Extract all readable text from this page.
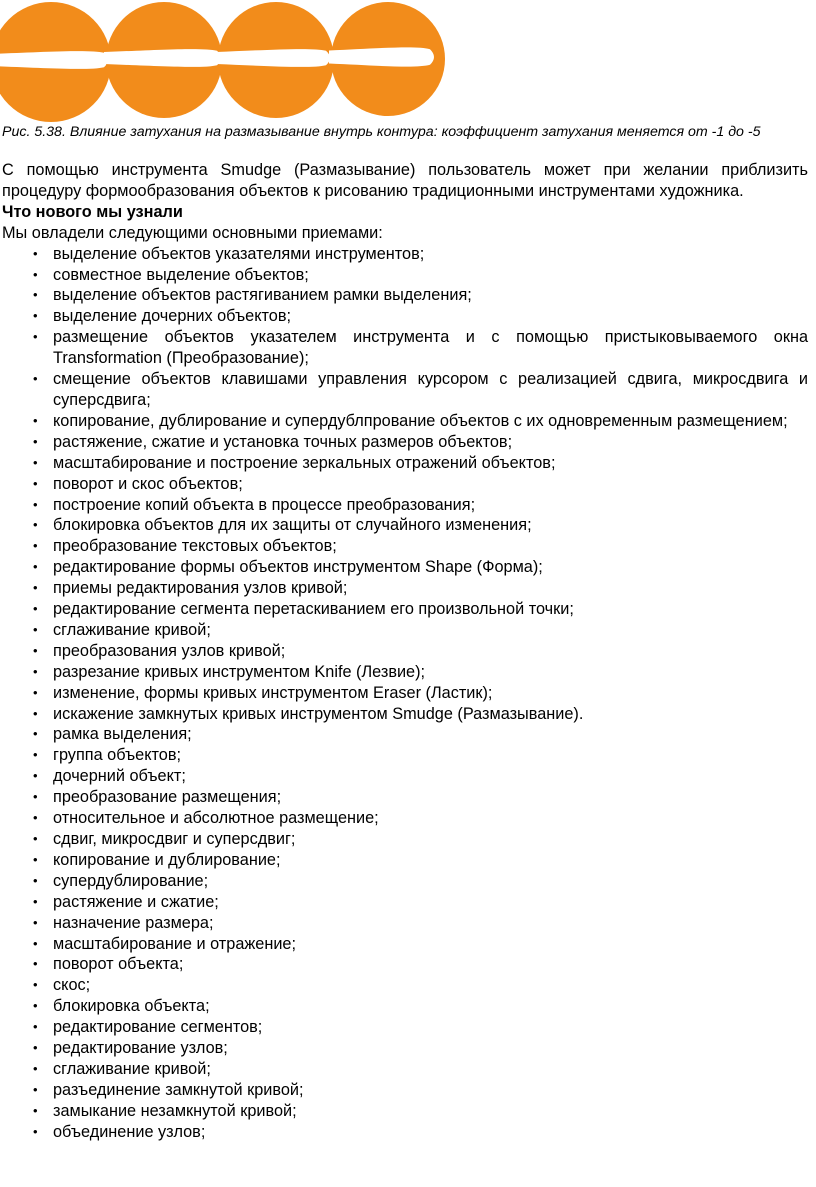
Рис. 5.38. Влияние затухания на размазывание внутрь контура: коэффициент затухания меняется от -1 до -5

С помощью инструмента Smudge (Размазывание) пользователь может при желании приблизить процедуру формообразования объектов к рисованию традиционными инструментами художника.

Что нового мы узнали

Мы овладели следующими основными приемами:

• выделение объектов указателями инструментов;
• совместное выделение объектов;
• выделение объектов растягиванием рамки выделения;
• выделение дочерних объектов;
• размещение объектов указателем инструмента и с помощью пристыковываемого окна Transformation (Преобразование);
• смещение объектов клавишами управления курсором с реализацией сдвига, микросдвига и суперсдвига;
• копирование, дублирование и супердублпрование объектов с их одновременным размещением;
• растяжение, сжатие и установка точных размеров объектов;
• масштабирование и построение зеркальных отражений объектов;
• поворот и скос объектов;
• построение копий объекта в процессе преобразования;
• блокировка объектов для их защиты от случайного изменения;
• преобразование текстовых объектов;
• редактирование формы объектов инструментом Shape (Форма);
• приемы редактирования узлов кривой;
• редактирование сегмента перетаскиванием его произвольной точки;
• сглаживание кривой;
• преобразования узлов кривой;
• разрезание кривых инструментом Knife (Лезвие);
• изменение, формы кривых инструментом Eraser (Ластик);
• искажение замкнутых кривых инструментом Smudge (Размазывание).
• рамка выделения;
• группа объектов;
• дочерний объект;
• преобразование размещения;
• относительное и абсолютное размещение;
• сдвиг, микросдвиг и суперсдвиг;
• копирование и дублирование;
• супердублирование;
• растяжение и сжатие;
• назначение размера;
• масштабирование и отражение;
• поворот объекта;
• скос;
• блокировка объекта;
• редактирование сегментов;
• редактирование узлов;
• сглаживание кривой;
• разъединение замкнутой кривой;
• замыкание незамкнутой кривой;
• объединение узлов;
